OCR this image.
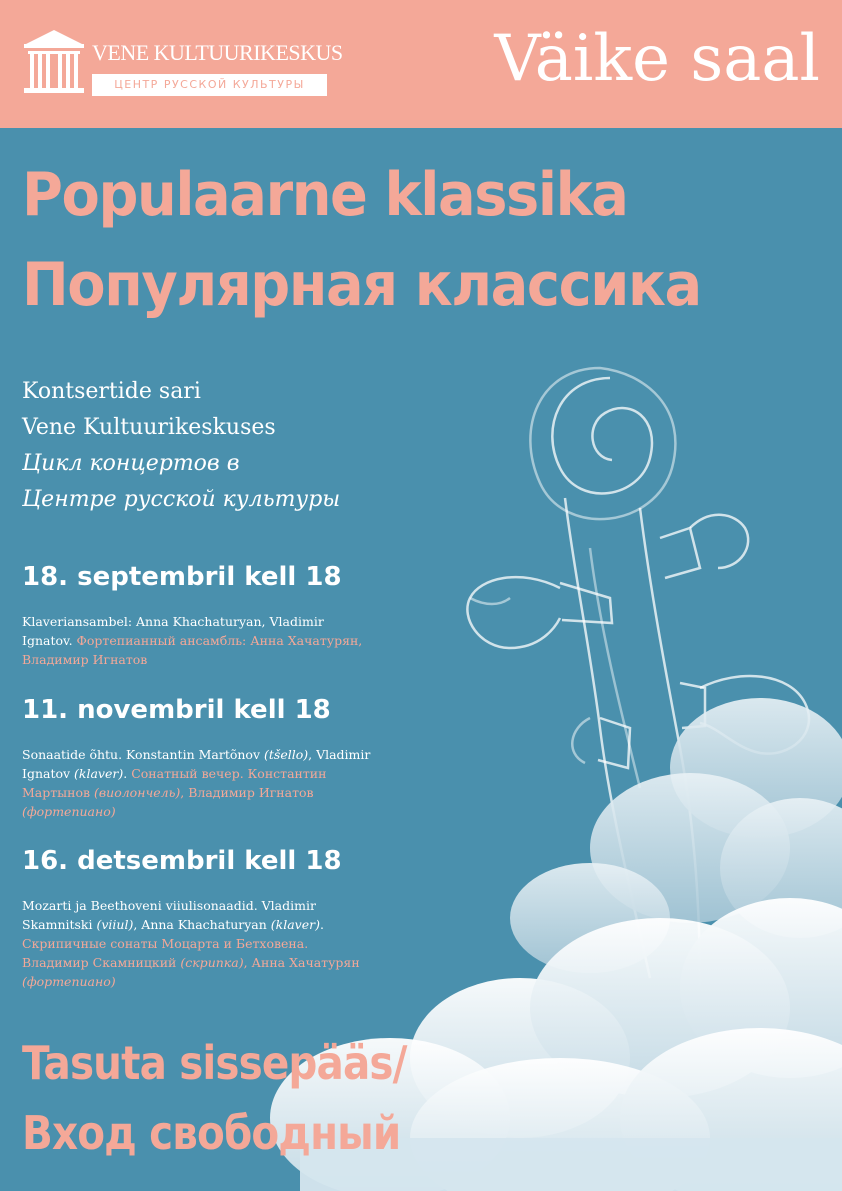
VENE KULTUURIKESKUS
ЦЕНТР РУССКОЙ КУЛЬТУРЫ	Väike saal
Populaarne klassika
Популярная классика
Kontsertide sari
Vene Kultuurikeskuses
Цикл концертов в
Центре русской культуры
18. septembril kell 18
Klaveriansambel: Anna Khachaturyan, Vladimir Ignatov. Фортепианный ансамбль: Анна Хачатурян, Владимир Игнатов
11. novembril kell 18
Sonaatide õhtu. Konstantin Martõnov (tšello), Vladimir Ignatov (klaver). Сонатный вечер. Константин Мартынов (виолончель), Владимир Игнатов (фортепиано)
16. detsembril kell 18
Mozarti ja Beethoveni viiulisonaadid. Vladimir Skamnitski (viiul), Anna Khachaturyan (klaver). Скрипичные сонаты Моцарта и Бетховена. Владимир Скамницкий (скрипка), Анна Хачатурян (фортепиано)
Tasuta sissepääs/
Вход свободный
